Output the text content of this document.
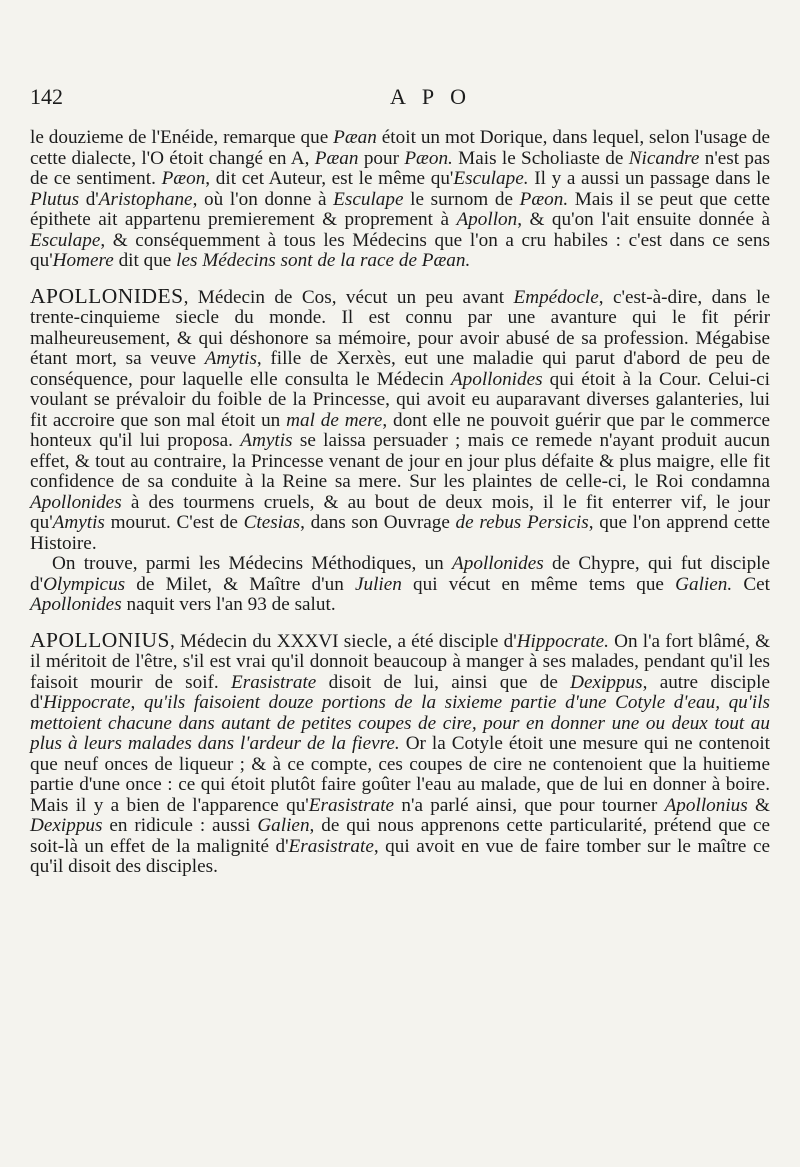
142	APO

le douzieme de l'Enéide, remarque que Pæan étoit un mot Dorique, dans lequel, selon l'usage de cette dialecte, l'O étoit changé en A, Pæan pour Pæon. Mais le Scholiaste de Nicandre n'est pas de ce sentiment. Pæon, dit cet Auteur, est le même qu'Esculape. Il y a aussi un passage dans le Plutus d'Aristophane, où l'on donne à Esculape le surnom de Pæon. Mais il se peut que cette épithete ait appartenu premierement & proprement à Apollon, & qu'on l'ait ensuite donnée à Esculape, & conséquemment à tous les Médecins que l'on a cru habiles : c'est dans ce sens qu'Homere dit que les Médecins sont de la race de Pæan.

APOLLONIDES, Médecin de Cos, vécut un peu avant Empédocle, c'est-à-dire, dans le trente-cinquieme siecle du monde. Il est connu par une avanture qui le fit périr malheureusement, & qui déshonore sa mémoire, pour avoir abusé de sa profession. Mégabise étant mort, sa veuve Amytis, fille de Xerxès, eut une maladie qui parut d'abord de peu de conséquence, pour laquelle elle consulta le Médecin Apollonides qui étoit à la Cour. Celui-ci voulant se prévaloir du foible de la Princesse, qui avoit eu auparavant diverses galanteries, lui fit accroire que son mal étoit un mal de mere, dont elle ne pouvoit guérir que par le commerce honteux qu'il lui proposa. Amytis se laissa persuader ; mais ce remede n'ayant produit aucun effet, & tout au contraire, la Princesse venant de jour en jour plus défaite & plus maigre, elle fit confidence de sa conduite à la Reine sa mere. Sur les plaintes de celle-ci, le Roi condamna Apollonides à des tourmens cruels, & au bout de deux mois, il le fit enterrer vif, le jour qu'Amytis mourut. C'est de Ctesias, dans son Ouvrage de rebus Persicis, que l'on apprend cette Histoire.

On trouve, parmi les Médecins Méthodiques, un Apollonides de Chypre, qui fut disciple d'Olympicus de Milet, & Maître d'un Julien qui vécut en même tems que Galien. Cet Apollonides naquit vers l'an 93 de salut.

APOLLONIUS, Médecin du XXXVI siecle, a été disciple d'Hippocrate. On l'a fort blâmé, & il méritoit de l'être, s'il est vrai qu'il donnoit beaucoup à manger à ses malades, pendant qu'il les faisoit mourir de soif. Erasistrate disoit de lui, ainsi que de Dexippus, autre disciple d'Hippocrate, qu'ils faisoient douze portions de la sixieme partie d'une Cotyle d'eau, qu'ils mettoient chacune dans autant de petites coupes de cire, pour en donner une ou deux tout au plus à leurs malades dans l'ardeur de la fievre. Or la Cotyle étoit une mesure qui ne contenoit que neuf onces de liqueur ; & à ce compte, ces coupes de cire ne contenoient que la huitieme partie d'une once : ce qui étoit plutôt faire goûter l'eau au malade, que de lui en donner à boire. Mais il y a bien de l'apparence qu'Erasistrate n'a parlé ainsi, que pour tourner Apollonius & Dexippus en ridicule : aussi Galien, de qui nous apprenons cette particularité, prétend que ce soit-là un effet de la malignité d'Erasistrate, qui avoit en vue de faire tomber sur le maître ce qu'il disoit des disciples.
